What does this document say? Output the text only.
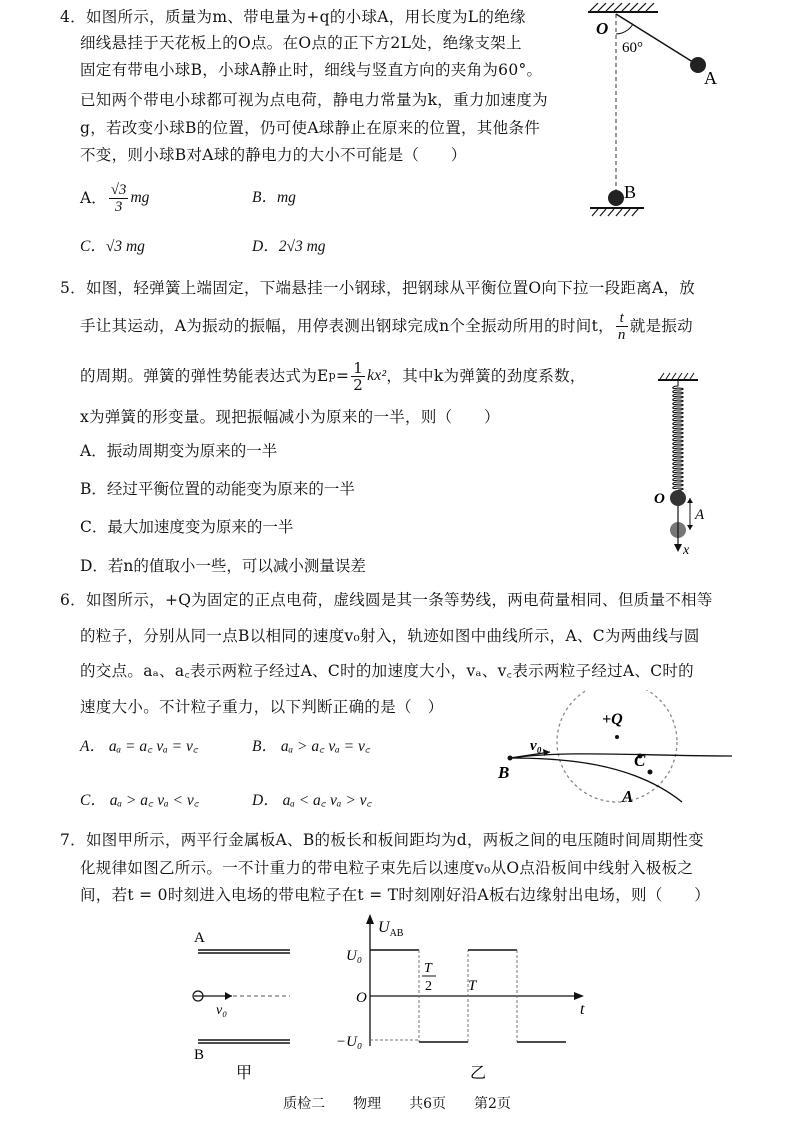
4．如图所示，质量为m、带电量为+q的小球A，用长度为L的绝缘
细线悬挂于天花板上的O点。在O点的正下方2L处，绝缘支架上
固定有带电小球B，小球A静止时，细线与竖直方向的夹角为60°。
已知两个带电小球都可视为点电荷，静电力常量为k，重力加速度为
g，若改变小球B的位置，仍可使A球静止在原来的位置，其他条件
不变，则小球B对A球的静电力的大小不可能是（　　）
A． $\frac{√3}{3}$ mg	B．mg
C．√3 mg	D．2√3 mg
O
60°
A
B
5．如图，轻弹簧上端固定，下端悬挂一小钢球，把钢球从平衡位置O向下拉一段距离A，放
手让其运动，A为振动的振幅，用停表测出钢球完成n个全振动所用的时间t， $\frac{t}{n}$ 就是振动
的周期。弹簧的弹性势能表达式为E $p = \frac{1}{2} kx^2$ ，其中k为弹簧的劲度系数，
x为弹簧的形变量。现把振幅减小为原来的一半，则（　　）
A．振动周期变为原来的一半
B．经过平衡位置的动能变为原来的一半
C．最大加速度变为原来的一半
D．若n的值取小一些，可以减小测量误差
O
A
x
6．如图所示，+Q为固定的正点电荷，虚线圆是其一条等势线，两电荷量相同、但质量不相等
的粒子，分别从同一点B以相同的速度v₀射入，轨迹如图中曲线所示，A、C为两曲线与圆
的交点。aₐ、a꜀表示两粒子经过A、C时的加速度大小，vₐ、v꜀表示两粒子经过A、C时的
速度大小。不计粒子重力，以下判断正确的是（　）
A． aₐ = a꜀ vₐ = v꜀	B． aₐ > a꜀ vₐ = v꜀
C． aₐ > a꜀ vₐ < v꜀	D． aₐ < a꜀ vₐ > v꜀
+Q
v₀
B
C
A
7．如图甲所示，两平行金属板A、B的板长和板间距均为d，两板之间的电压随时间周期性变
化规律如图乙所示。一不计重力的带电粒子束先后以速度v₀从O点沿板间中线射入极板之
间，若t = 0时刻进入电场的带电粒子在t = T时刻刚好沿A板右边缘射出电场，则（　　）
A
B
v₀
甲
$U_{AB}$
U₀
−U₀
O
T
2 T
t
乙
质检二　　物理　　共6页　　第2页
